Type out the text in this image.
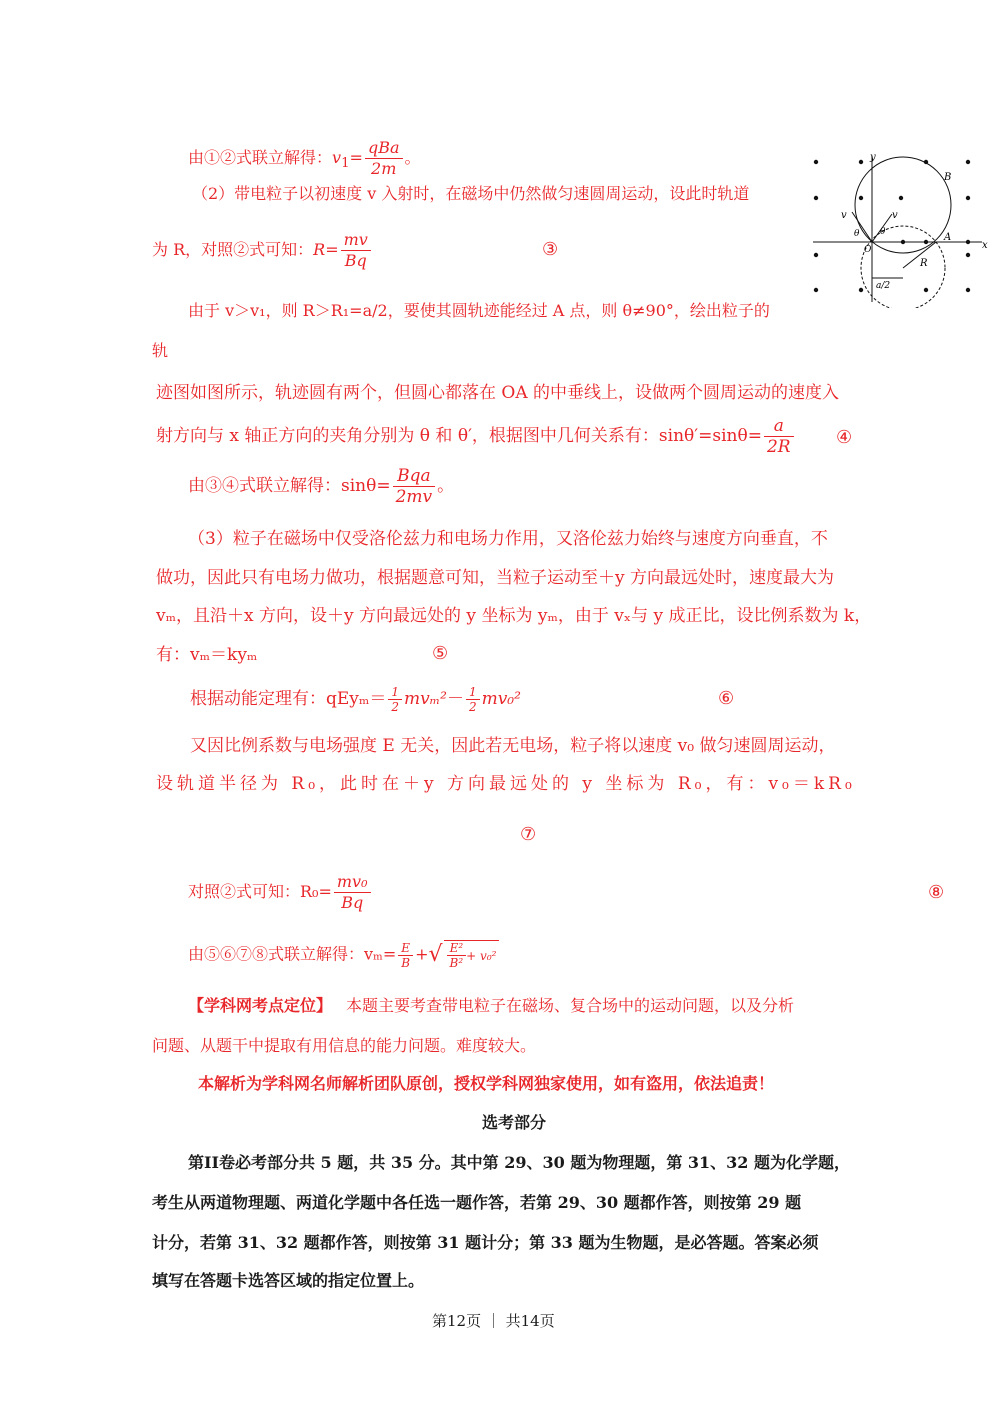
由①②式联立解得：$v_1= \frac{\text{qBa}}{2m}$ 。
（2）带电粒子以初速度 v 入射时，在磁场中仍然做匀速圆周运动，设此时轨道
为 R，对照②式可知：$R= \frac{mv}{Bq}$	③
由于 v＞v₁，则 R＞R₁=a/2，要使其圆轨迹能经过 A 点，则 θ≠90°，绘出粒子的
轨
迹图如图所示，轨迹圆有两个，但圆心都落在 OA 的中垂线上，设做两个圆周运动的速度入
射方向与 x 轴正方向的夹角分别为 θ 和 θ′，根据图中几何关系有：$\sin\theta'=\sin\theta= \frac{a}{2R}$ ④
由③④式联立解得：$\sin\theta= \frac{\text{Bqa}}{2mv}$ 。
（3）粒子在磁场中仅受洛伦兹力和电场力作用，又洛伦兹力始终与速度方向垂直，不
做功，因此只有电场力做功，根据题意可知，当粒子运动至＋y 方向最远处时，速度最大为
vₘ，且沿＋x 方向，设＋y 方向最远处的 y 坐标为 yₘ，由于 vₓ与 y 成正比，设比例系数为 k，
有：vₘ＝kyₘ	⑤
根据动能定理有：$qEy_m= \frac{1}{2} mv_m^2- \frac{1}{2} mv_0^2$	⑥
又因比例系数与电场强度 E 无关，因此若无电场，粒子将以速度 v₀ 做匀速圆周运动，
设轨道半径为 R₀，此时在＋y 方向最远处的 y 坐标为 R₀，有：v₀＝kR₀
⑦
对照②式可知：$R_0= \frac{\text{mv₀}}{Bq}$	⑧
由⑤⑥⑦⑧式联立解得：$v_m= \frac{E}{B}$ +√ $\frac{\text{E²}}{\text{B²}} + v_0^2$
【学科网考点定位】 本题主要考查带电粒子在磁场、复合场中的运动问题，以及分析
问题、从题干中提取有用信息的能力问题。难度较大。
本解析为学科网名师解析团队原创，授权学科网独家使用，如有盗用，依法追责！
选考部分
第II卷必考部分共 5 题，共 35 分。其中第 29、30 题为物理题，第 31、32 题为化学题，
考生从两道物理题、两道化学题中各任选一题作答，若第 29、30 题都作答，则按第 29 题
计分，若第 31、32 题都作答，则按第 31 题计分；第 33 题为生物题，是必答题。答案必须
填写在答题卡选答区域的指定位置上。
第12页 ｜ 共14页
y
x
B
A
O
R
v	v
θ θ
a/2
